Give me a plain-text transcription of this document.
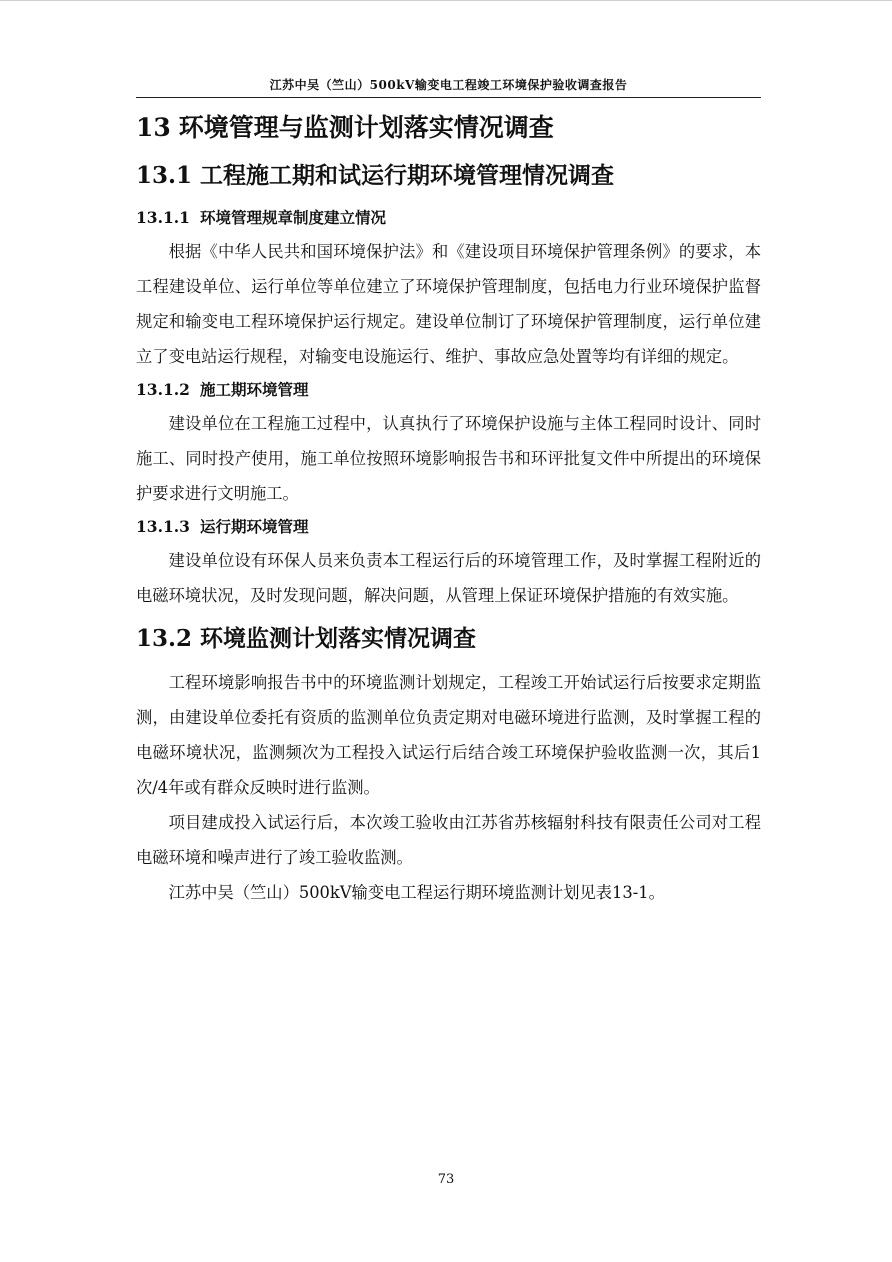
江苏中吴（竺山）500kV输变电工程竣工环境保护验收调查报告
13 环境管理与监测计划落实情况调查
13.1 工程施工期和试运行期环境管理情况调查
13.1.1 环境管理规章制度建立情况

根据《中华人民共和国环境保护法》和《建设项目环境保护管理条例》的要求，本工程建设单位、运行单位等单位建立了环境保护管理制度，包括电力行业环境保护监督规定和输变电工程环境保护运行规定。建设单位制订了环境保护管理制度，运行单位建立了变电站运行规程，对输变电设施运行、维护、事故应急处置等均有详细的规定。

13.1.2 施工期环境管理

建设单位在工程施工过程中，认真执行了环境保护设施与主体工程同时设计、同时施工、同时投产使用，施工单位按照环境影响报告书和环评批复文件中所提出的环境保护要求进行文明施工。

13.1.3 运行期环境管理

建设单位设有环保人员来负责本工程运行后的环境管理工作，及时掌握工程附近的电磁环境状况，及时发现问题，解决问题，从管理上保证环境保护措施的有效实施。

13.2 环境监测计划落实情况调查

工程环境影响报告书中的环境监测计划规定，工程竣工开始试运行后按要求定期监测，由建设单位委托有资质的监测单位负责定期对电磁环境进行监测，及时掌握工程的电磁环境状况，监测频次为工程投入试运行后结合竣工环境保护验收监测一次，其后1次/4年或有群众反映时进行监测。

项目建成投入试运行后，本次竣工验收由江苏省苏核辐射科技有限责任公司对工程电磁环境和噪声进行了竣工验收监测。

江苏中吴（竺山）500kV输变电工程运行期环境监测计划见表13-1。

73
